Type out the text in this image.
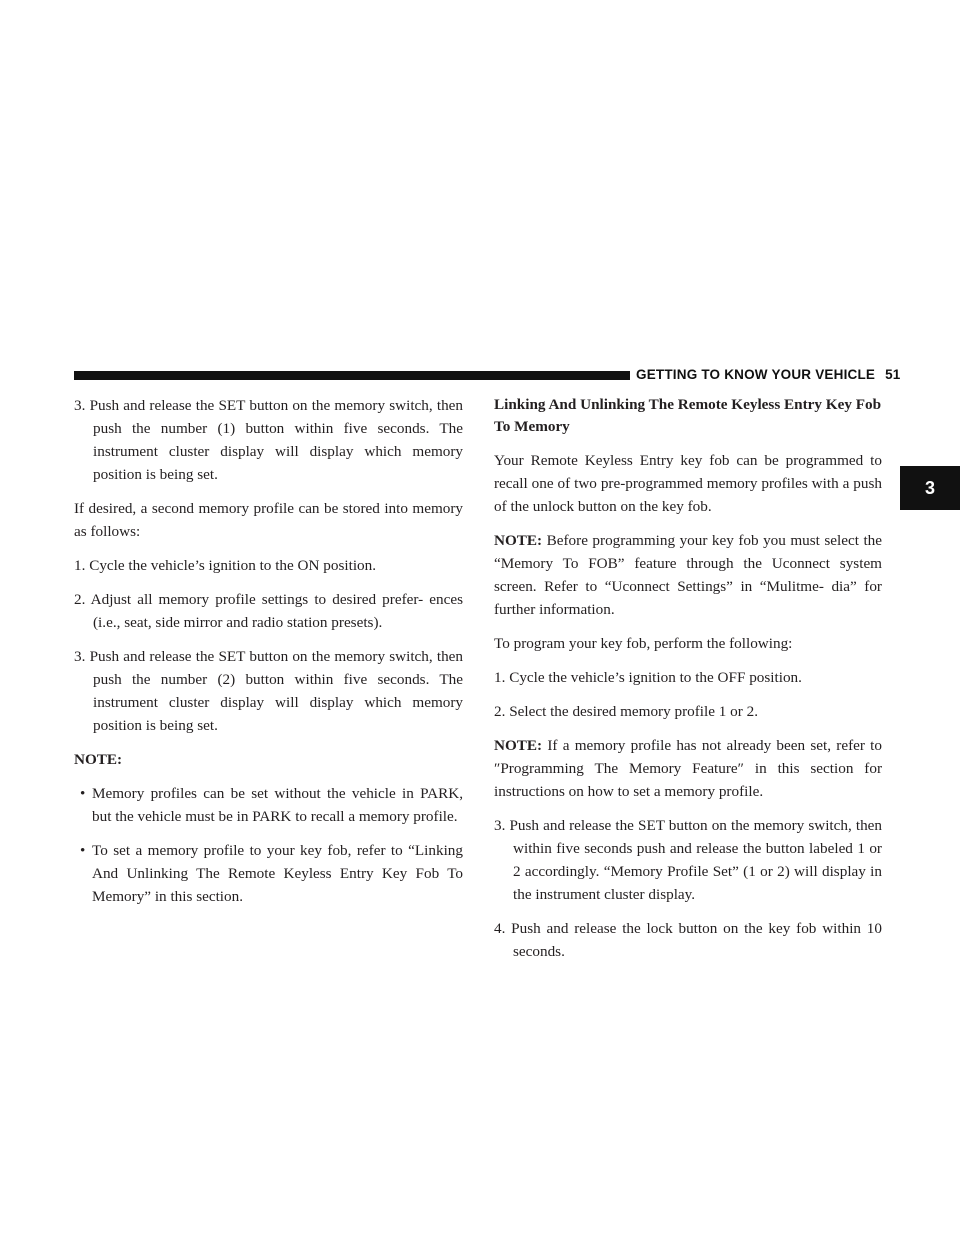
GETTING TO KNOW YOUR VEHICLE 51
3

3. Push and release the SET button on the memory switch, then push the number (1) button within five seconds. The instrument cluster display will display which memory position is being set.

If desired, a second memory profile can be stored into memory as follows:

1. Cycle the vehicle’s ignition to the ON position.

2. Adjust all memory profile settings to desired prefer- ences (i.e., seat, side mirror and radio station presets).

3. Push and release the SET button on the memory switch, then push the number (2) button within five seconds. The instrument cluster display will display which memory position is being set.

NOTE:

• Memory profiles can be set without the vehicle in PARK, but the vehicle must be in PARK to recall a memory profile.

• To set a memory profile to your key fob, refer to “Linking And Unlinking The Remote Keyless Entry Key Fob To Memory” in this section.

Linking And Unlinking The Remote Keyless Entry Key Fob To Memory

Your Remote Keyless Entry key fob can be programmed to recall one of two pre-programmed memory profiles with a push of the unlock button on the key fob.

NOTE: Before programming your key fob you must select the “Memory To FOB” feature through the Uconnect system screen. Refer to “Uconnect Settings” in “Mulitme- dia” for further information.

To program your key fob, perform the following:

1. Cycle the vehicle’s ignition to the OFF position.

2. Select the desired memory profile 1 or 2.

NOTE: If a memory profile has not already been set, refer to ″Programming The Memory Feature″ in this section for instructions on how to set a memory profile.

3. Push and release the SET button on the memory switch, then within five seconds push and release the button labeled 1 or 2 accordingly. “Memory Profile Set” (1 or 2) will display in the instrument cluster display.

4. Push and release the lock button on the key fob within 10 seconds.
